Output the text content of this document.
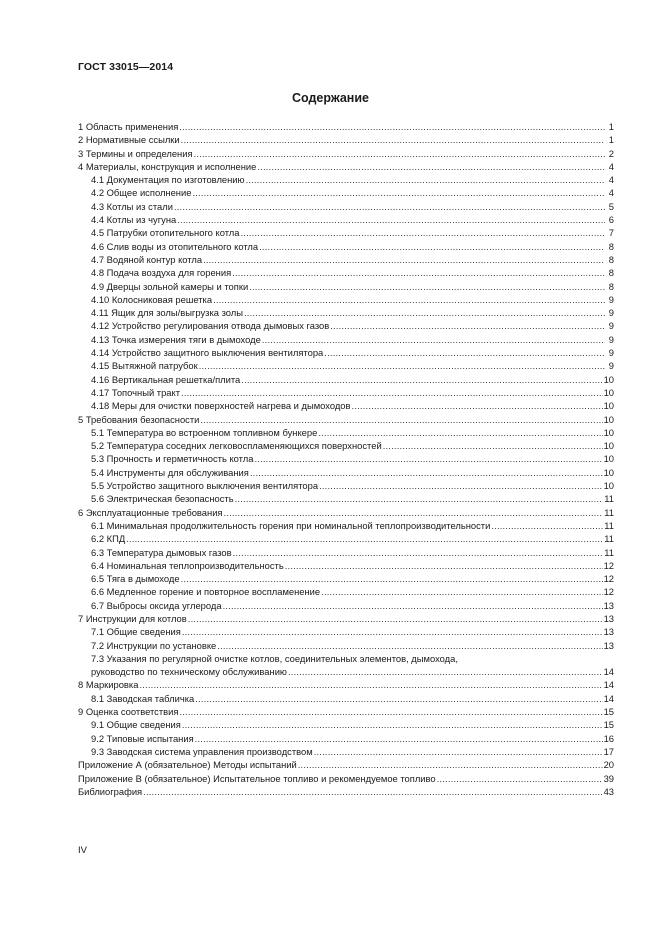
ГОСТ 33015—2014
Содержание
1 Область применения .....	1
2 Нормативные ссылки .....	1
3 Термины и определения .....	2
4 Материалы, конструкция и исполнение .....	4
4.1 Документация по изготовлению .....	4
4.2 Общее исполнение .....	4
4.3 Котлы из стали .....	5
4.4 Котлы из чугуна .....	6
4.5 Патрубки отопительного котла .....	7
4.6 Слив воды из отопительного котла .....	8
4.7 Водяной контур котла .....	8
4.8 Подача воздуха для горения .....	8
4.9 Дверцы зольной камеры и топки .....	8
4.10 Колосниковая решетка .....	9
4.11 Ящик для золы/выгрузка золы .....	9
4.12 Устройство регулирования отвода дымовых газов .....	9
4.13 Точка измерения тяги в дымоходе .....	9
4.14 Устройство защитного выключения вентилятора .....	9
4.15 Вытяжной патрубок .....	9
4.16 Вертикальная решетка/плита .....	10
4.17 Топочный тракт .....	10
4.18 Меры для очистки поверхностей нагрева и дымоходов .....	10
5 Требования безопасности .....	10
5.1 Температура во встроенном топливном бункере .....	10
5.2 Температура соседних легковоспламеняющихся поверхностей .....	10
5.3 Прочность и герметичность котла .....	10
5.4 Инструменты для обслуживания .....	10
5.5 Устройство защитного выключения вентилятора .....	10
5.6 Электрическая безопасность .....	11
6 Эксплуатационные требования .....	11
6.1 Минимальная продолжительность горения при номинальной теплопроизводительности .....	11
6.2 КПД .....	11
6.3 Температура дымовых газов .....	11
6.4 Номинальная теплопроизводительность .....	12
6.5 Тяга в дымоходе .....	12
6.6 Медленное горение и повторное воспламенение .....	12
6.7 Выбросы оксида углерода .....	13
7 Инструкции для котлов .....	13
7.1 Общие сведения .....	13
7.2 Инструкции по установке .....	13
7.3 Указания по регулярной очистке котлов, соединительных элементов, дымохода,
руководство по техническому обслуживанию .....	14
8 Маркировка .....	14
8.1 Заводская табличка .....	14
9 Оценка соответствия .....	15
9.1 Общие сведения .....	15
9.2 Типовые испытания .....	16
9.3 Заводская система управления производством .....	17
Приложение А (обязательное) Методы испытаний .....	20
Приложение В (обязательное) Испытательное топливо и рекомендуемое топливо .....	39
Библиография .....	43
IV
